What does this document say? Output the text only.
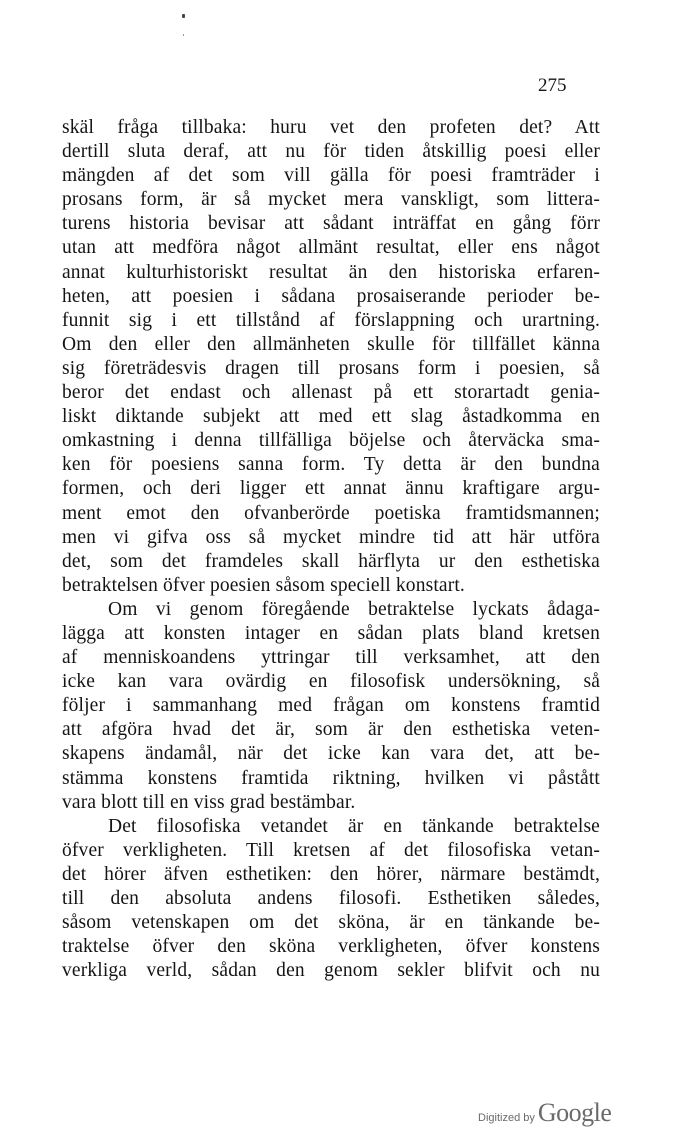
275
skäl fråga tillbaka: huru vet den profeten det? Att
dertill sluta deraf, att nu för tiden åtskillig poesi eller
mängden af det som vill gälla för poesi framträder i
prosans form, är så mycket mera vanskligt, som littera-
turens historia bevisar att sådant inträffat en gång förr
utan att medföra något allmänt resultat, eller ens något
annat kulturhistoriskt resultat än den historiska erfaren-
heten, att poesien i sådana prosaiserande perioder be-
funnit sig i ett tillstånd af förslappning och urartning.
Om den eller den allmänheten skulle för tillfället känna
sig företrädesvis dragen till prosans form i poesien, så
beror det endast och allenast på ett storartadt genia-
liskt diktande subjekt att med ett slag åstadkomma en
omkastning i denna tillfälliga böjelse och återväcka sma-
ken för poesiens sanna form. Ty detta är den bundna
formen, och deri ligger ett annat ännu kraftigare argu-
ment emot den ofvanberörde poetiska framtidsmannen;
men vi gifva oss så mycket mindre tid att här utföra
det, som det framdeles skall härflyta ur den esthetiska
betraktelsen öfver poesien såsom speciell konstart.
Om vi genom föregående betraktelse lyckats ådaga-
lägga att konsten intager en sådan plats bland kretsen
af menniskoandens yttringar till verksamhet, att den
icke kan vara ovärdig en filosofisk undersökning, så
följer i sammanhang med frågan om konstens framtid
att afgöra hvad det är, som är den esthetiska veten-
skapens ändamål, när det icke kan vara det, att be-
stämma konstens framtida riktning, hvilken vi påstått
vara blott till en viss grad bestämbar.
Det filosofiska vetandet är en tänkande betraktelse
öfver verkligheten. Till kretsen af det filosofiska vetan-
det hörer äfven esthetiken: den hörer, närmare bestämdt,
till den absoluta andens filosofi. Esthetiken således,
såsom vetenskapen om det sköna, är en tänkande be-
traktelse öfver den sköna verkligheten, öfver konstens
verkliga verld, sådan den genom sekler blifvit och nu
Digitized by Google
